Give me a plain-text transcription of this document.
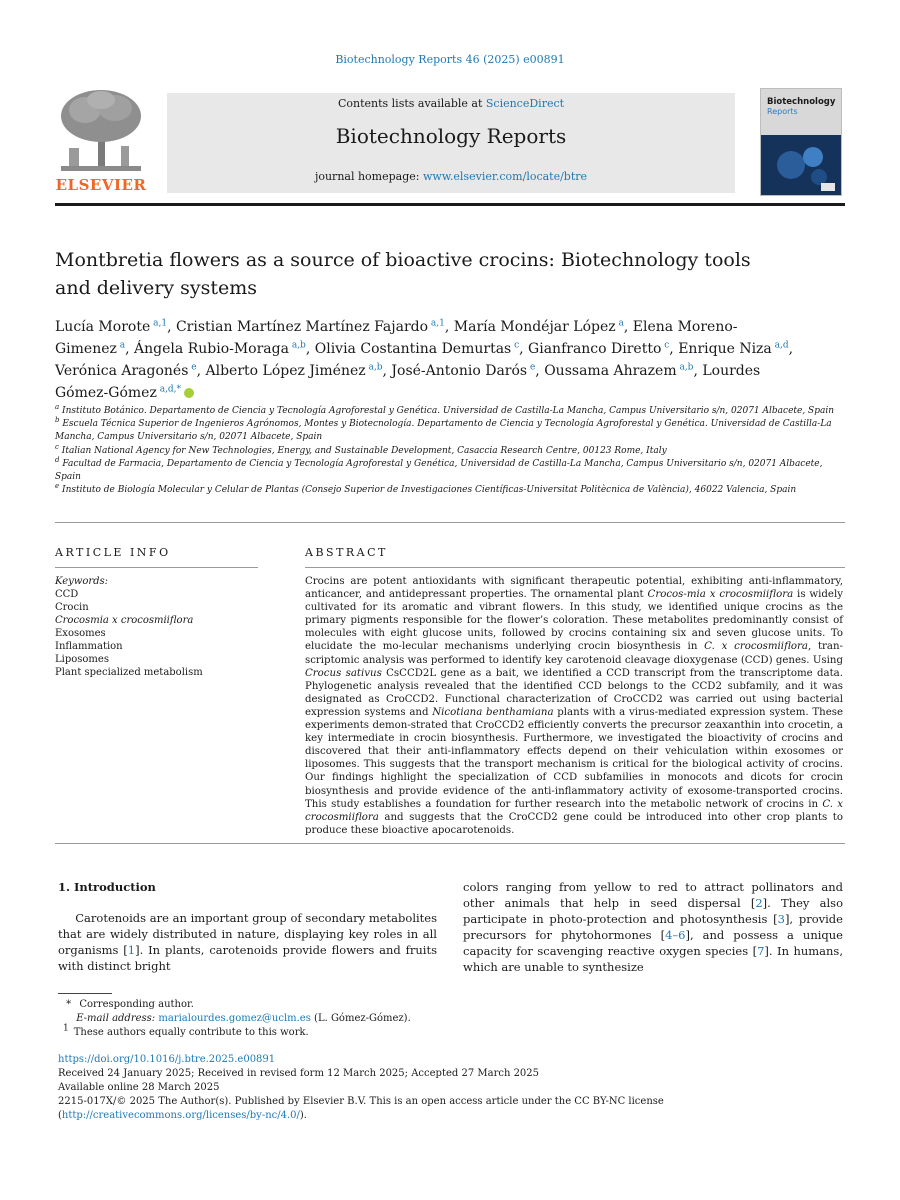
Biotechnology Reports 46 (2025) e00891
ELSEVIER
Contents lists available at ScienceDirect
Biotechnology Reports
journal homepage: www.elsevier.com/locate/btre
Biotechnology
Reports
Montbretia flowers as a source of bioactive crocins: Biotechnology tools and delivery systems
Lucía Morote $^{a,1}$, Cristian Martínez Martínez Fajardo $^{a,1}$, María Mondéjar López $^a$, Elena Moreno-Gimenez $^a$, Ángela Rubio-Moraga $^{a,b}$, Olivia Costantina Demurtas $^c$, Gianfranco Diretto $^c$, Enrique Niza $^{a,d}$, Verónica Aragonés $^e$, Alberto López Jiménez $^{a,b}$, José-Antonio Darós $^e$, Oussama Ahrazem $^{a,b}$, Lourdes Gómez-Gómez $^{a,d,*}$

$^a$ Instituto Botánico. Departamento de Ciencia y Tecnología Agroforestal y Genética. Universidad de Castilla-La Mancha, Campus Universitario s/n, 02071 Albacete, Spain

$^b$ Escuela Técnica Superior de Ingenieros Agrónomos, Montes y Biotecnología. Departamento de Ciencia y Tecnología Agroforestal y Genética. Universidad de Castilla-La Mancha, Campus Universitario s/n, 02071 Albacete, Spain

$^c$ Italian National Agency for New Technologies, Energy, and Sustainable Development, Casaccia Research Centre, 00123 Rome, Italy

$^d$ Facultad de Farmacia, Departamento de Ciencia y Tecnología Agroforestal y Genética, Universidad de Castilla-La Mancha, Campus Universitario s/n, 02071 Albacete, Spain

$^e$ Instituto de Biología Molecular y Celular de Plantas (Consejo Superior de Investigaciones Científicas-Universitat Politècnica de València), 46022 Valencia, Spain

ARTICLE INFO	ABSTRACT
Keywords:
CCD
Crocin
Crocosmia x crocosmiiflora
Exosomes
Inflammation
Liposomes
Plant specialized metabolism
Crocins are potent antioxidants with significant therapeutic potential, exhibiting anti-inflammatory, anticancer, and antidepressant properties. The ornamental plant Crocos-mia x crocosmiiflora is widely cultivated for its aromatic and vibrant flowers. In this study, we identified unique crocins as the primary pigments responsible for the flower’s coloration. These metabolites predominantly consist of molecules with eight glucose units, followed by crocins containing six and seven glucose units. To elucidate the mo-lecular mechanisms underlying crocin biosynthesis in C. x crocosmiiflora, tran-scriptomic analysis was performed to identify key carotenoid cleavage dioxygenase (CCD) genes. Using Crocus sativus CsCCD2L gene as a bait, we identified a CCD transcript from the transcriptome data. Phylogenetic analysis revealed that the identified CCD belongs to the CCD2 subfamily, and it was designated as CroCCD2. Functional characterization of CroCCD2 was carried out using bacterial expression systems and Nicotiana benthamiana plants with a virus-mediated expression system. These experiments demon-strated that CroCCD2 efficiently converts the precursor zeaxanthin into crocetin, a key intermediate in crocin biosynthesis. Furthermore, we investigated the bioactivity of crocins and discovered that their anti-inflammatory effects depend on their vehiculation within exosomes or liposomes. This suggests that the transport mechanism is critical for the biological activity of crocins. Our findings highlight the specialization of CCD subfamilies in monocots and dicots for crocin biosynthesis and provide evidence of the anti-inflammatory activity of exosome-transported crocins. This study establishes a foundation for further research into the metabolic network of crocins in C. x crocosmiiflora and suggests that the CroCCD2 gene could be introduced into other crop plants to produce these bioactive apocarotenoids.
1. Introduction
  Carotenoids are an important group of secondary metabolites that are widely distributed in nature, displaying key roles in all organisms [1]. In plants, carotenoids provide flowers and fruits with distinct bright
colors ranging from yellow to red to attract pollinators and other animals that help in seed dispersal [2]. They also participate in photo-protection and photosynthesis [3], provide precursors for phytohormones [4–6], and possess a unique capacity for scavenging reactive oxygen species [7]. In humans, which are unable to synthesize

  *  Corresponding author.

   E-mail address: marialourdes.gomez@uclm.es (L. Gómez-Gómez).

 $^1$  These authors equally contribute to this work.

https://doi.org/10.1016/j.btre.2025.e00891

Received 24 January 2025; Received in revised form 12 March 2025; Accepted 27 March 2025

Available online 28 March 2025

2215-017X/© 2025 The Author(s). Published by Elsevier B.V. This is an open access article under the CC BY-NC license (http://creativecommons.org/licenses/by-nc/4.0/).
